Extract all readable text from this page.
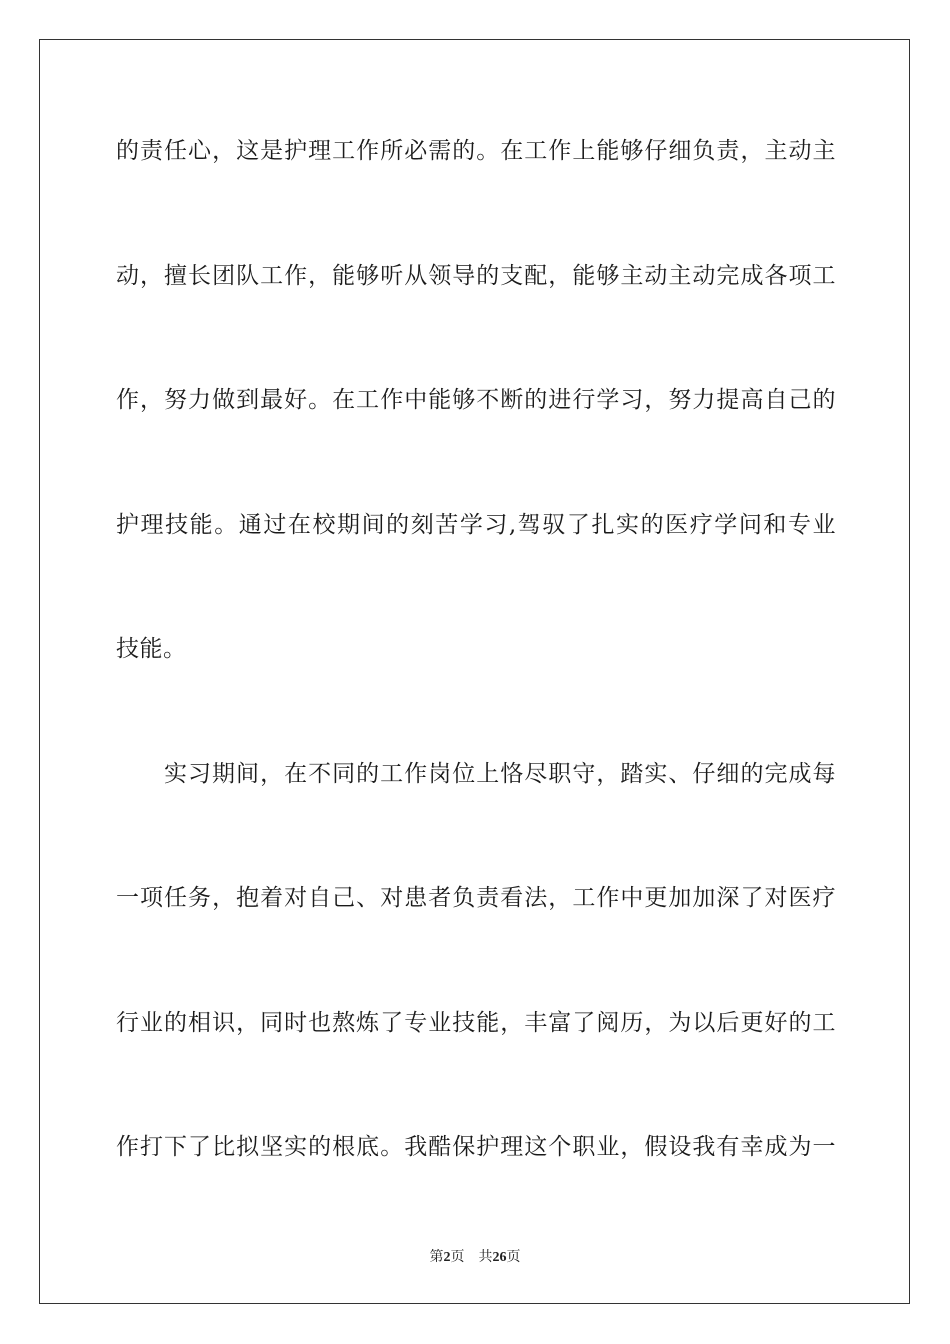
的责任心，这是护理工作所必需的。在工作上能够仔细负责，主动主
动，擅长团队工作，能够听从领导的支配，能够主动主动完成各项工
作，努力做到最好。在工作中能够不断的进行学习，努力提高自己的
护理技能。通过在校期间的刻苦学习,驾驭了扎实的医疗学问和专业
技能。
实习期间，在不同的工作岗位上恪尽职守，踏实、仔细的完成每
一项任务，抱着对自己、对患者负责看法，工作中更加加深了对医疗
行业的相识，同时也熬炼了专业技能，丰富了阅历，为以后更好的工
作打下了比拟坚实的根底。我酷保护理这个职业，假设我有幸成为一
第2页 共26页
